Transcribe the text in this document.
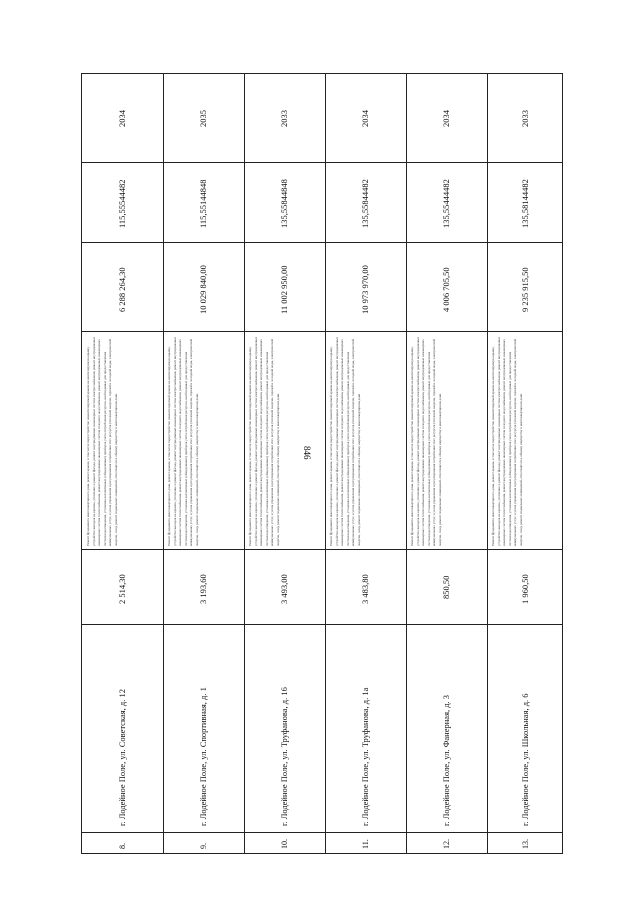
846
8.
г. Лодейное Поле, ул. Советская, д. 12
2 514,30
Ремонт фундамента многоквартирного дома, ремонт крыши, в том числе переустройство невентилируемой крыши на вентилируемую крышу, устройство выходов на кровлю, утепление и ремонт фасада, ремонт внутридомовых инженерных систем электроснабжения, ремонт внутридомовых инженерных систем теплоснабжения, ремонт внутридомовых инженерных систем холодного водоснабжения, ремонт внутридомовых инженерных систем водоотведения, установка коллективных (общедомовых) приборов учета потребления ресурсов, необходимых для предоставления коммунальных услуг, и узлов управления и регулирования потребления этих ресурсов (тепловой энергии, горячей и холодной воды, электрической энергии, газа), ремонт подвальных помещений, относящихся к общему имуществу в многоквартирном доме
6 288 264,30
115,55544482
2034
9.
г. Лодейное Поле, ул. Спортивная, д. 1
3 193,60
Ремонт фундамента многоквартирного дома, ремонт крыши, в том числе переустройство невентилируемой крыши на вентилируемую крышу, устройство выходов на кровлю, утепление и ремонт фасада, ремонт внутридомовых инженерных систем электроснабжения, ремонт внутридомовых инженерных систем теплоснабжения, ремонт внутридомовых инженерных систем холодного водоснабжения, ремонт внутридомовых инженерных систем водоотведения, установка коллективных (общедомовых) приборов учета потребления ресурсов, необходимых для предоставления коммунальных услуг, и узлов управления и регулирования потребления этих ресурсов (тепловой энергии, горячей и холодной воды, электрической энергии, газа), ремонт подвальных помещений, относящихся к общему имуществу в многоквартирном доме
10 029 840,00
115,55144848
2035
10.
г. Лодейное Поле, ул. Труфанова, д. 16
3 493,00
Ремонт фундамента многоквартирного дома, ремонт крыши, в том числе переустройство невентилируемой крыши на вентилируемую крышу, устройство выходов на кровлю, утепление и ремонт фасада, ремонт внутридомовых инженерных систем электроснабжения, ремонт внутридомовых инженерных систем теплоснабжения, ремонт внутридомовых инженерных систем холодного водоснабжения, ремонт внутридомовых инженерных систем водоотведения, установка коллективных (общедомовых) приборов учета потребления ресурсов, необходимых для предоставления коммунальных услуг, и узлов управления и регулирования потребления этих ресурсов (тепловой энергии, горячей и холодной воды, электрической энергии, газа), ремонт подвальных помещений, относящихся к общему имуществу в многоквартирном доме
11 002 950,00
135,55844848
2033
11.
г. Лодейное Поле, ул. Труфанова, д. 1а
3 483,80
Ремонт фундамента многоквартирного дома, ремонт крыши, в том числе переустройство невентилируемой крыши на вентилируемую крышу, устройство выходов на кровлю, утепление и ремонт фасада, ремонт внутридомовых инженерных систем электроснабжения, ремонт внутридомовых инженерных систем теплоснабжения, ремонт внутридомовых инженерных систем холодного водоснабжения, ремонт внутридомовых инженерных систем водоотведения, установка коллективных (общедомовых) приборов учета потребления ресурсов, необходимых для предоставления коммунальных услуг, и узлов управления и регулирования потребления этих ресурсов (тепловой энергии, горячей и холодной воды, электрической энергии, газа), ремонт подвальных помещений, относящихся к общему имуществу в многоквартирном доме
10 973 970,00
135,55844482
2034
12.
г. Лодейное Поле, ул. Фанерная, д. 3
850,50
Ремонт фундамента многоквартирного дома, ремонт крыши, в том числе переустройство невентилируемой крыши на вентилируемую крышу, устройство выходов на кровлю, утепление и ремонт фасада, ремонт внутридомовых инженерных систем электроснабжения, ремонт внутридомовых инженерных систем теплоснабжения, ремонт внутридомовых инженерных систем холодного водоснабжения, ремонт внутридомовых инженерных систем водоотведения, установка коллективных (общедомовых) приборов учета потребления ресурсов, необходимых для предоставления коммунальных услуг, и узлов управления и регулирования потребления этих ресурсов (тепловой энергии, горячей и холодной воды, электрической энергии, газа), ремонт подвальных помещений, относящихся к общему имуществу в многоквартирном доме
4 006 705,50
135,55444482
2034
13.
г. Лодейное Поле, ул. Школьная, д. 6
1 960,50
Ремонт фундамента многоквартирного дома, ремонт крыши, в том числе переустройство невентилируемой крыши на вентилируемую крышу, устройство выходов на кровлю, утепление и ремонт фасада, ремонт внутридомовых инженерных систем электроснабжения, ремонт внутридомовых инженерных систем теплоснабжения, ремонт внутридомовых инженерных систем холодного водоснабжения, ремонт внутридомовых инженерных систем водоотведения, установка коллективных (общедомовых) приборов учета потребления ресурсов, необходимых для предоставления коммунальных услуг, и узлов управления и регулирования потребления этих ресурсов (тепловой энергии, горячей и холодной воды, электрической энергии, газа), ремонт подвальных помещений, относящихся к общему имуществу в многоквартирном доме
9 235 915,50
135,58144482
2033
